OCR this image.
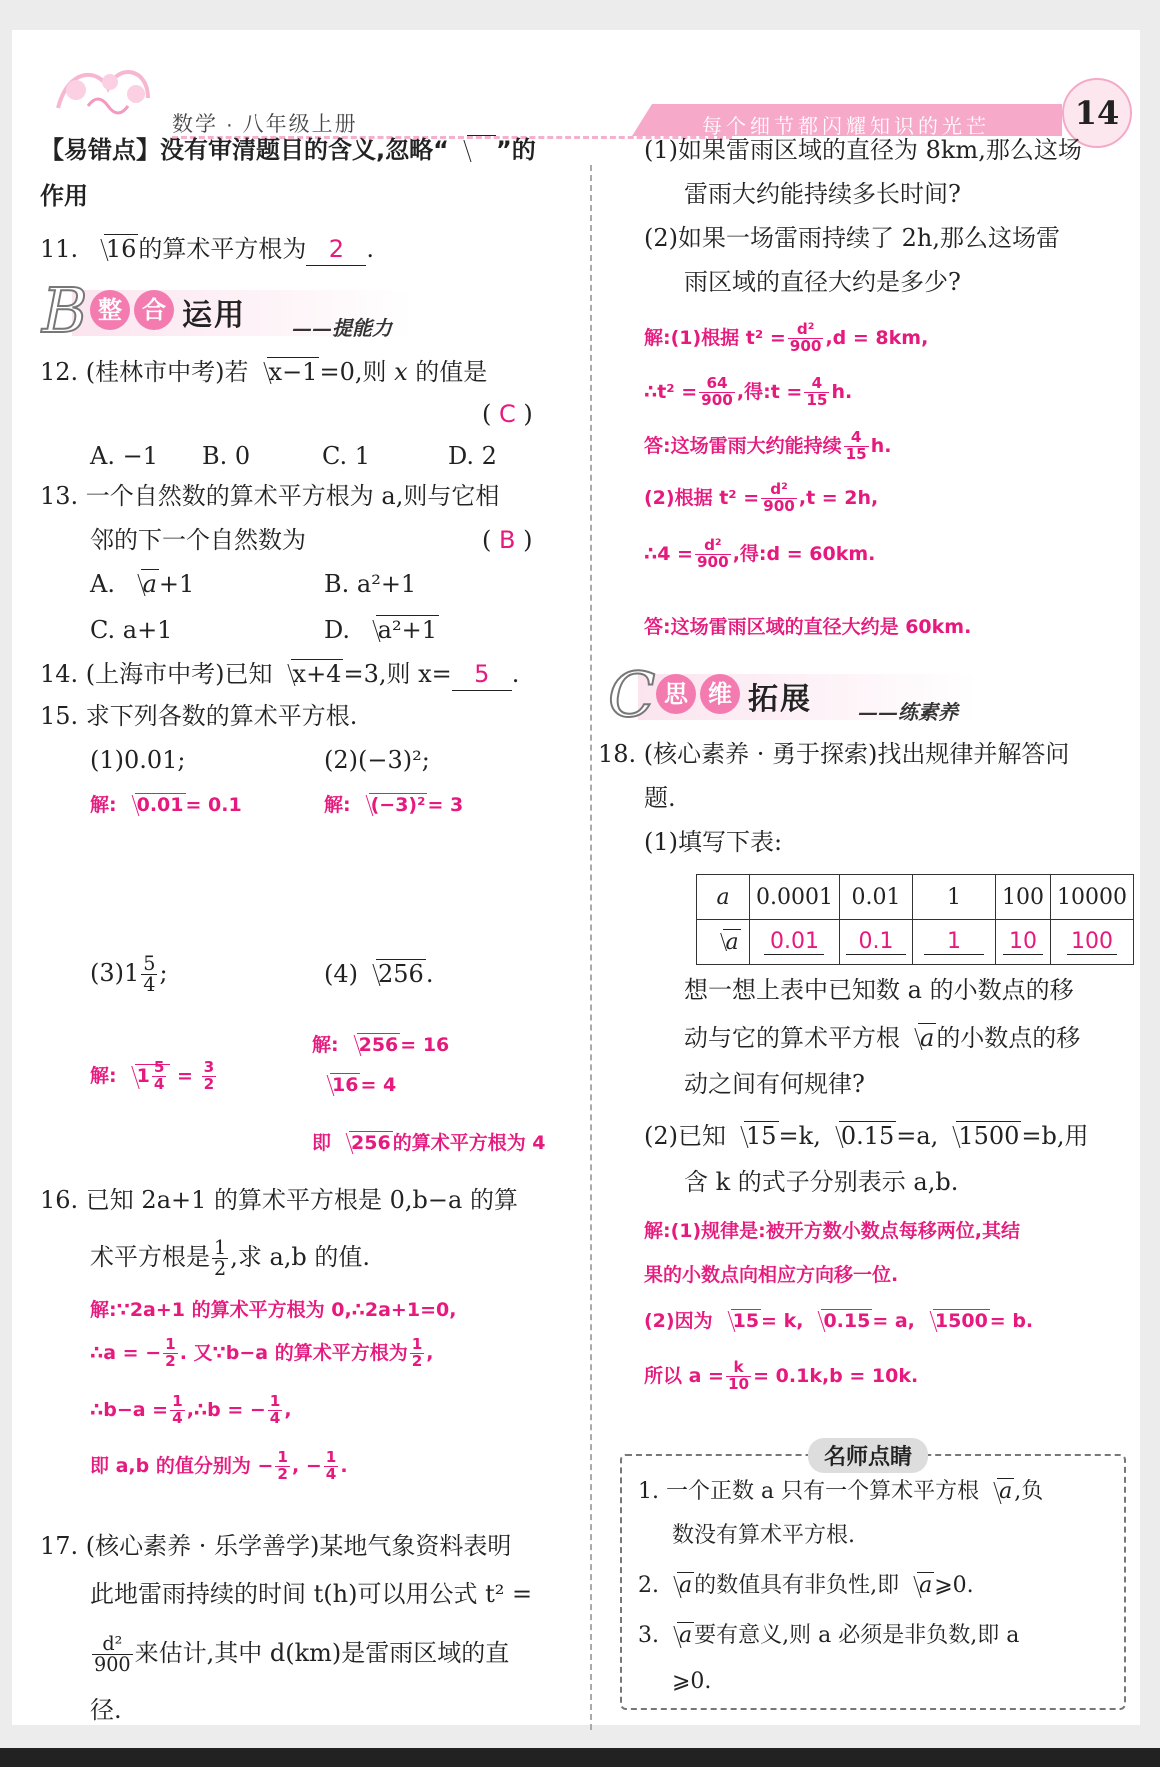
数学 · 八年级上册	每个细节都闪耀知识的光芒	14
【易错点】没有审清题目的含义,忽略“ ”的
作用
11. 16的算术平方根为 2 .
B 整 合 运用 ——提能力
12. (桂林市中考)若 x−1=0,则 x 的值是
( C )
A. −1 B. 0	C. 1	D. 2
13. 一个自然数的算术平方根为 a,则与它相
邻的下一个自然数为	( B )
A. a+1	B. a²+1
C. a+1	D. a²+1
14. (上海市中考)已知 x+4=3,则 x= 5 .
15. 求下列各数的算术平方根.
(1)0.01;	(2)(−3)²;
解: 0.01 = 0.1	解: (−3)² = 3
$(3)1 \frac{5}{4}$ ;	(4) 256.
解: $1 \frac{5}{4} = \frac{3}{2}$
解: 256 = 16
16 = 4
即 256 的算术平方根为 4
16. 已知 2a+1 的算术平方根是 0,b−a 的算
术平方根是 $\frac{1}{2}$ ,求 a,b 的值.
解:∵2a+1 的算术平方根为 0,∴2a+1=0,
∴a = − $\frac{1}{2}$ . 又∵b−a 的算术平方根为 $\frac{1}{2}$ ,
∴b−a = $\frac{1}{4}$ ,∴b = − $\frac{1}{4}$ ,
即 a,b 的值分别为 − $\frac{1}{2}$ , − $\frac{1}{4}$ .
17. (核心素养 · 乐学善学)某地气象资料表明
此地雷雨持续的时间 t(h)可以用公式 t² =
$\frac{\text{d²}}{900}$ 来估计,其中 d(km)是雷雨区域的直
径.
(1)如果雷雨区域的直径为 8km,那么这场
雷雨大约能持续多长时间?
(2)如果一场雷雨持续了 2h,那么这场雷
雨区域的直径大约是多少?
解:(1)根据 $t^2 = \frac{\text{d²}}{900} ,d = 8km$,
∴t² = $\frac{64}{900}$ ,得:t = $\frac{4}{15} h$.
答:这场雷雨大约能持续 $\frac{4}{15} h$.
(2)根据 $t^2 = \frac{\text{d²}}{900} ,t = 2h$,
∴4 = $\frac{\text{d²}}{900}$ ,得:d = 60km.
答:这场雷雨区域的直径大约是 60km.
C 思 维 拓展 ——练素养
18. (核心素养 · 勇于探索)找出规律并解答问
题.
(1)填写下表:
a	0.0001	0.01	1	100	10000
a	0.01	0.1	1	10	100
想一想上表中已知数 a 的小数点的移
动与它的算术平方根 a的小数点的移
动之间有何规律?
(2)已知 15=k, 0.15=a, 1500=b,用
含 k 的式子分别表示 a,b.
解:(1)规律是:被开方数小数点每移两位,其结
果的小数点向相应方向移一位.
(2)因为 15 = k, 0.15 = a, 1500 = b.
所以 $a = \frac{k}{10} = 0.1k,b = 10k$.
名师点睛
1. 一个正数 a 只有一个算术平方根 a,负
数没有算术平方根.
2. a的数值具有非负性,即 a⩾0.
3. a要有意义,则 a 必须是非负数,即 a
⩾0.
